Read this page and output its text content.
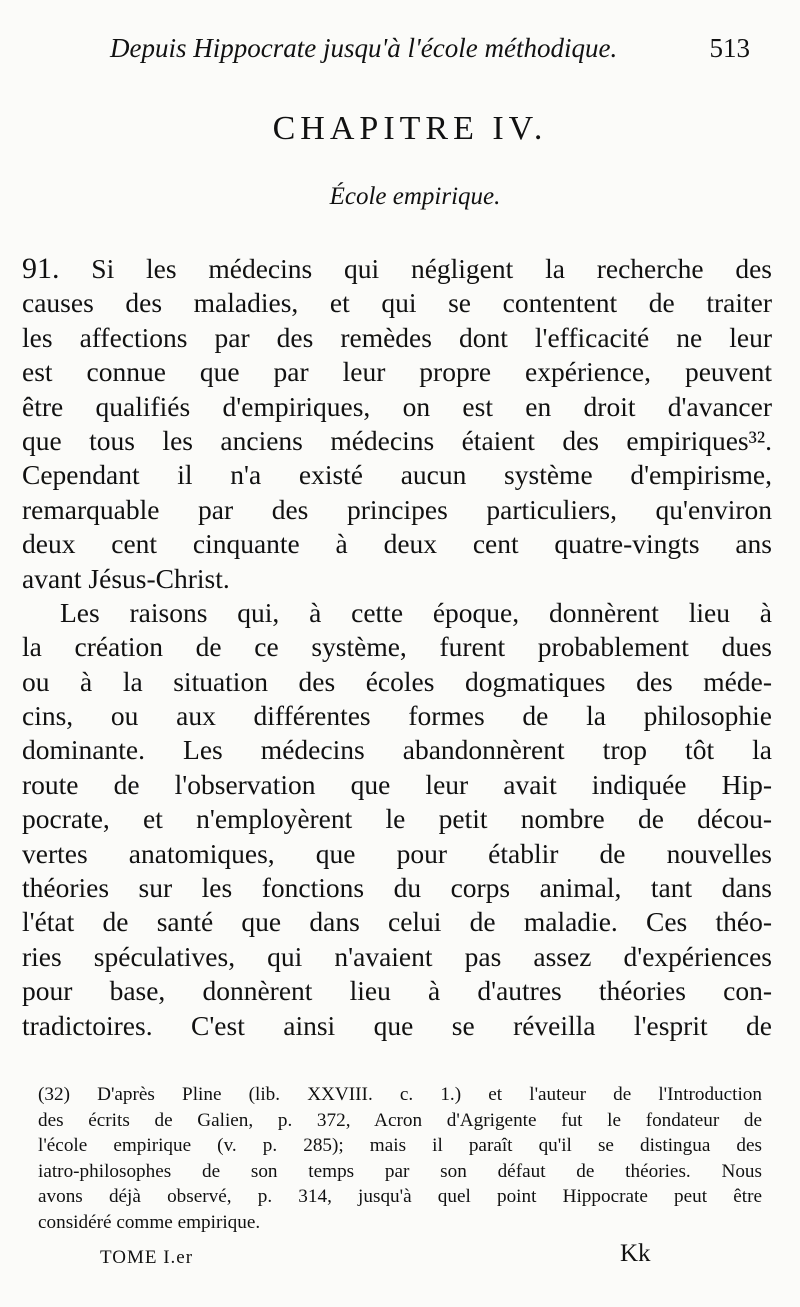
Depuis Hippocrate jusqu'à l'école méthodique.	513
CHAPITRE IV.
École empirique.
91. Si les médecins qui négligent la recherche des
causes des maladies, et qui se contentent de traiter
les affections par des remèdes dont l'efficacité ne leur
est connue que par leur propre expérience, peuvent
être qualifiés d'empiriques, on est en droit d'avancer
que tous les anciens médecins étaient des empiriques³².
Cependant il n'a existé aucun système d'empirisme,
remarquable par des principes particuliers, qu'environ
deux cent cinquante à deux cent quatre-vingts ans
avant Jésus-Christ.
Les raisons qui, à cette époque, donnèrent lieu à
la création de ce système, furent probablement dues
ou à la situation des écoles dogmatiques des méde-
cins, ou aux différentes formes de la philosophie
dominante. Les médecins abandonnèrent trop tôt la
route de l'observation que leur avait indiquée Hip-
pocrate, et n'employèrent le petit nombre de décou-
vertes anatomiques, que pour établir de nouvelles
théories sur les fonctions du corps animal, tant dans
l'état de santé que dans celui de maladie. Ces théo-
ries spéculatives, qui n'avaient pas assez d'expériences
pour base, donnèrent lieu à d'autres théories con-
tradictoires. C'est ainsi que se réveilla l'esprit de
(32) D'après Pline (lib. XXVIII. c. 1.) et l'auteur de l'Introduction
des écrits de Galien, p. 372, Acron d'Agrigente fut le fondateur de
l'école empirique (v. p. 285); mais il paraît qu'il se distingua des
iatro-philosophes de son temps par son défaut de théories. Nous
avons déjà observé, p. 314, jusqu'à quel point Hippocrate peut être
considéré comme empirique.
TOME I.er	Kk
